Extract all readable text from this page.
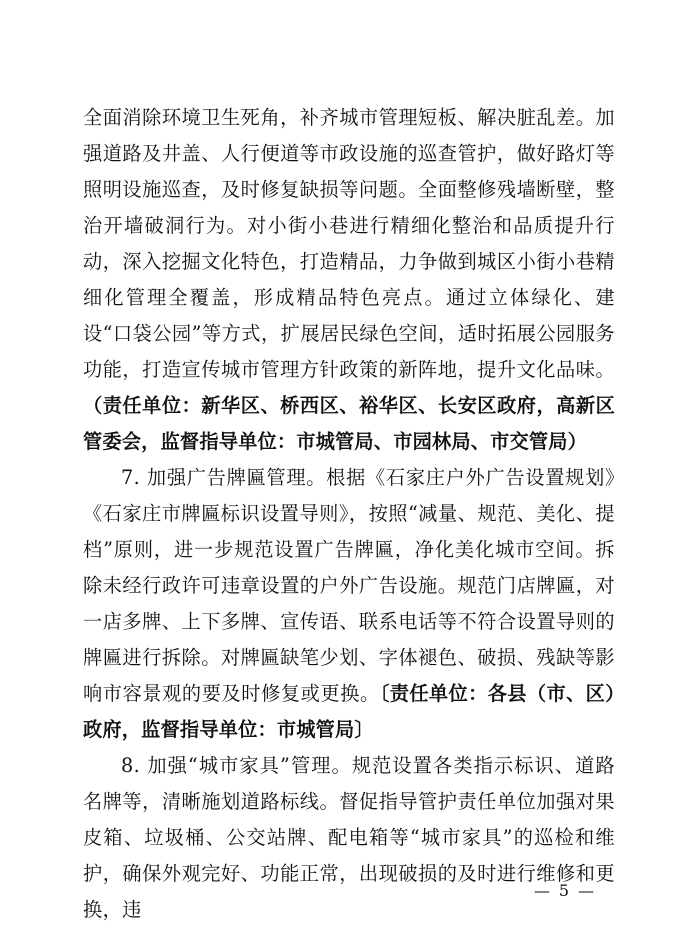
全面消除环境卫生死角，补齐城市管理短板、解决脏乱差。加强道路及井盖、人行便道等市政设施的巡查管护，做好路灯等照明设施巡查，及时修复缺损等问题。全面整修残墙断壁，整治开墙破洞行为。对小街小巷进行精细化整治和品质提升行动，深入挖掘文化特色，打造精品，力争做到城区小街小巷精细化管理全覆盖，形成精品特色亮点。通过立体绿化、建设“口袋公园”等方式，扩展居民绿色空间，适时拓展公园服务功能，打造宣传城市管理方针政策的新阵地，提升文化品味。（责任单位：新华区、桥西区、裕华区、长安区政府，高新区管委会，监督指导单位：市城管局、市园林局、市交管局）

7. 加强广告牌匾管理。根据《石家庄户外广告设置规划》《石家庄市牌匾标识设置导则》，按照“减量、规范、美化、提档”原则，进一步规范设置广告牌匾，净化美化城市空间。拆除未经行政许可违章设置的户外广告设施。规范门店牌匾，对一店多牌、上下多牌、宣传语、联系电话等不符合设置导则的牌匾进行拆除。对牌匾缺笔少划、字体褪色、破损、残缺等影响市容景观的要及时修复或更换。〔责任单位：各县（市、区）政府，监督指导单位：市城管局〕

8. 加强“城市家具”管理。规范设置各类指示标识、道路名牌等，清晰施划道路标线。督促指导管护责任单位加强对果皮箱、垃圾桶、公交站牌、配电箱等“城市家具”的巡检和维护，确保外观完好、功能正常，出现破损的及时进行维修和更换，违

— 5 —
